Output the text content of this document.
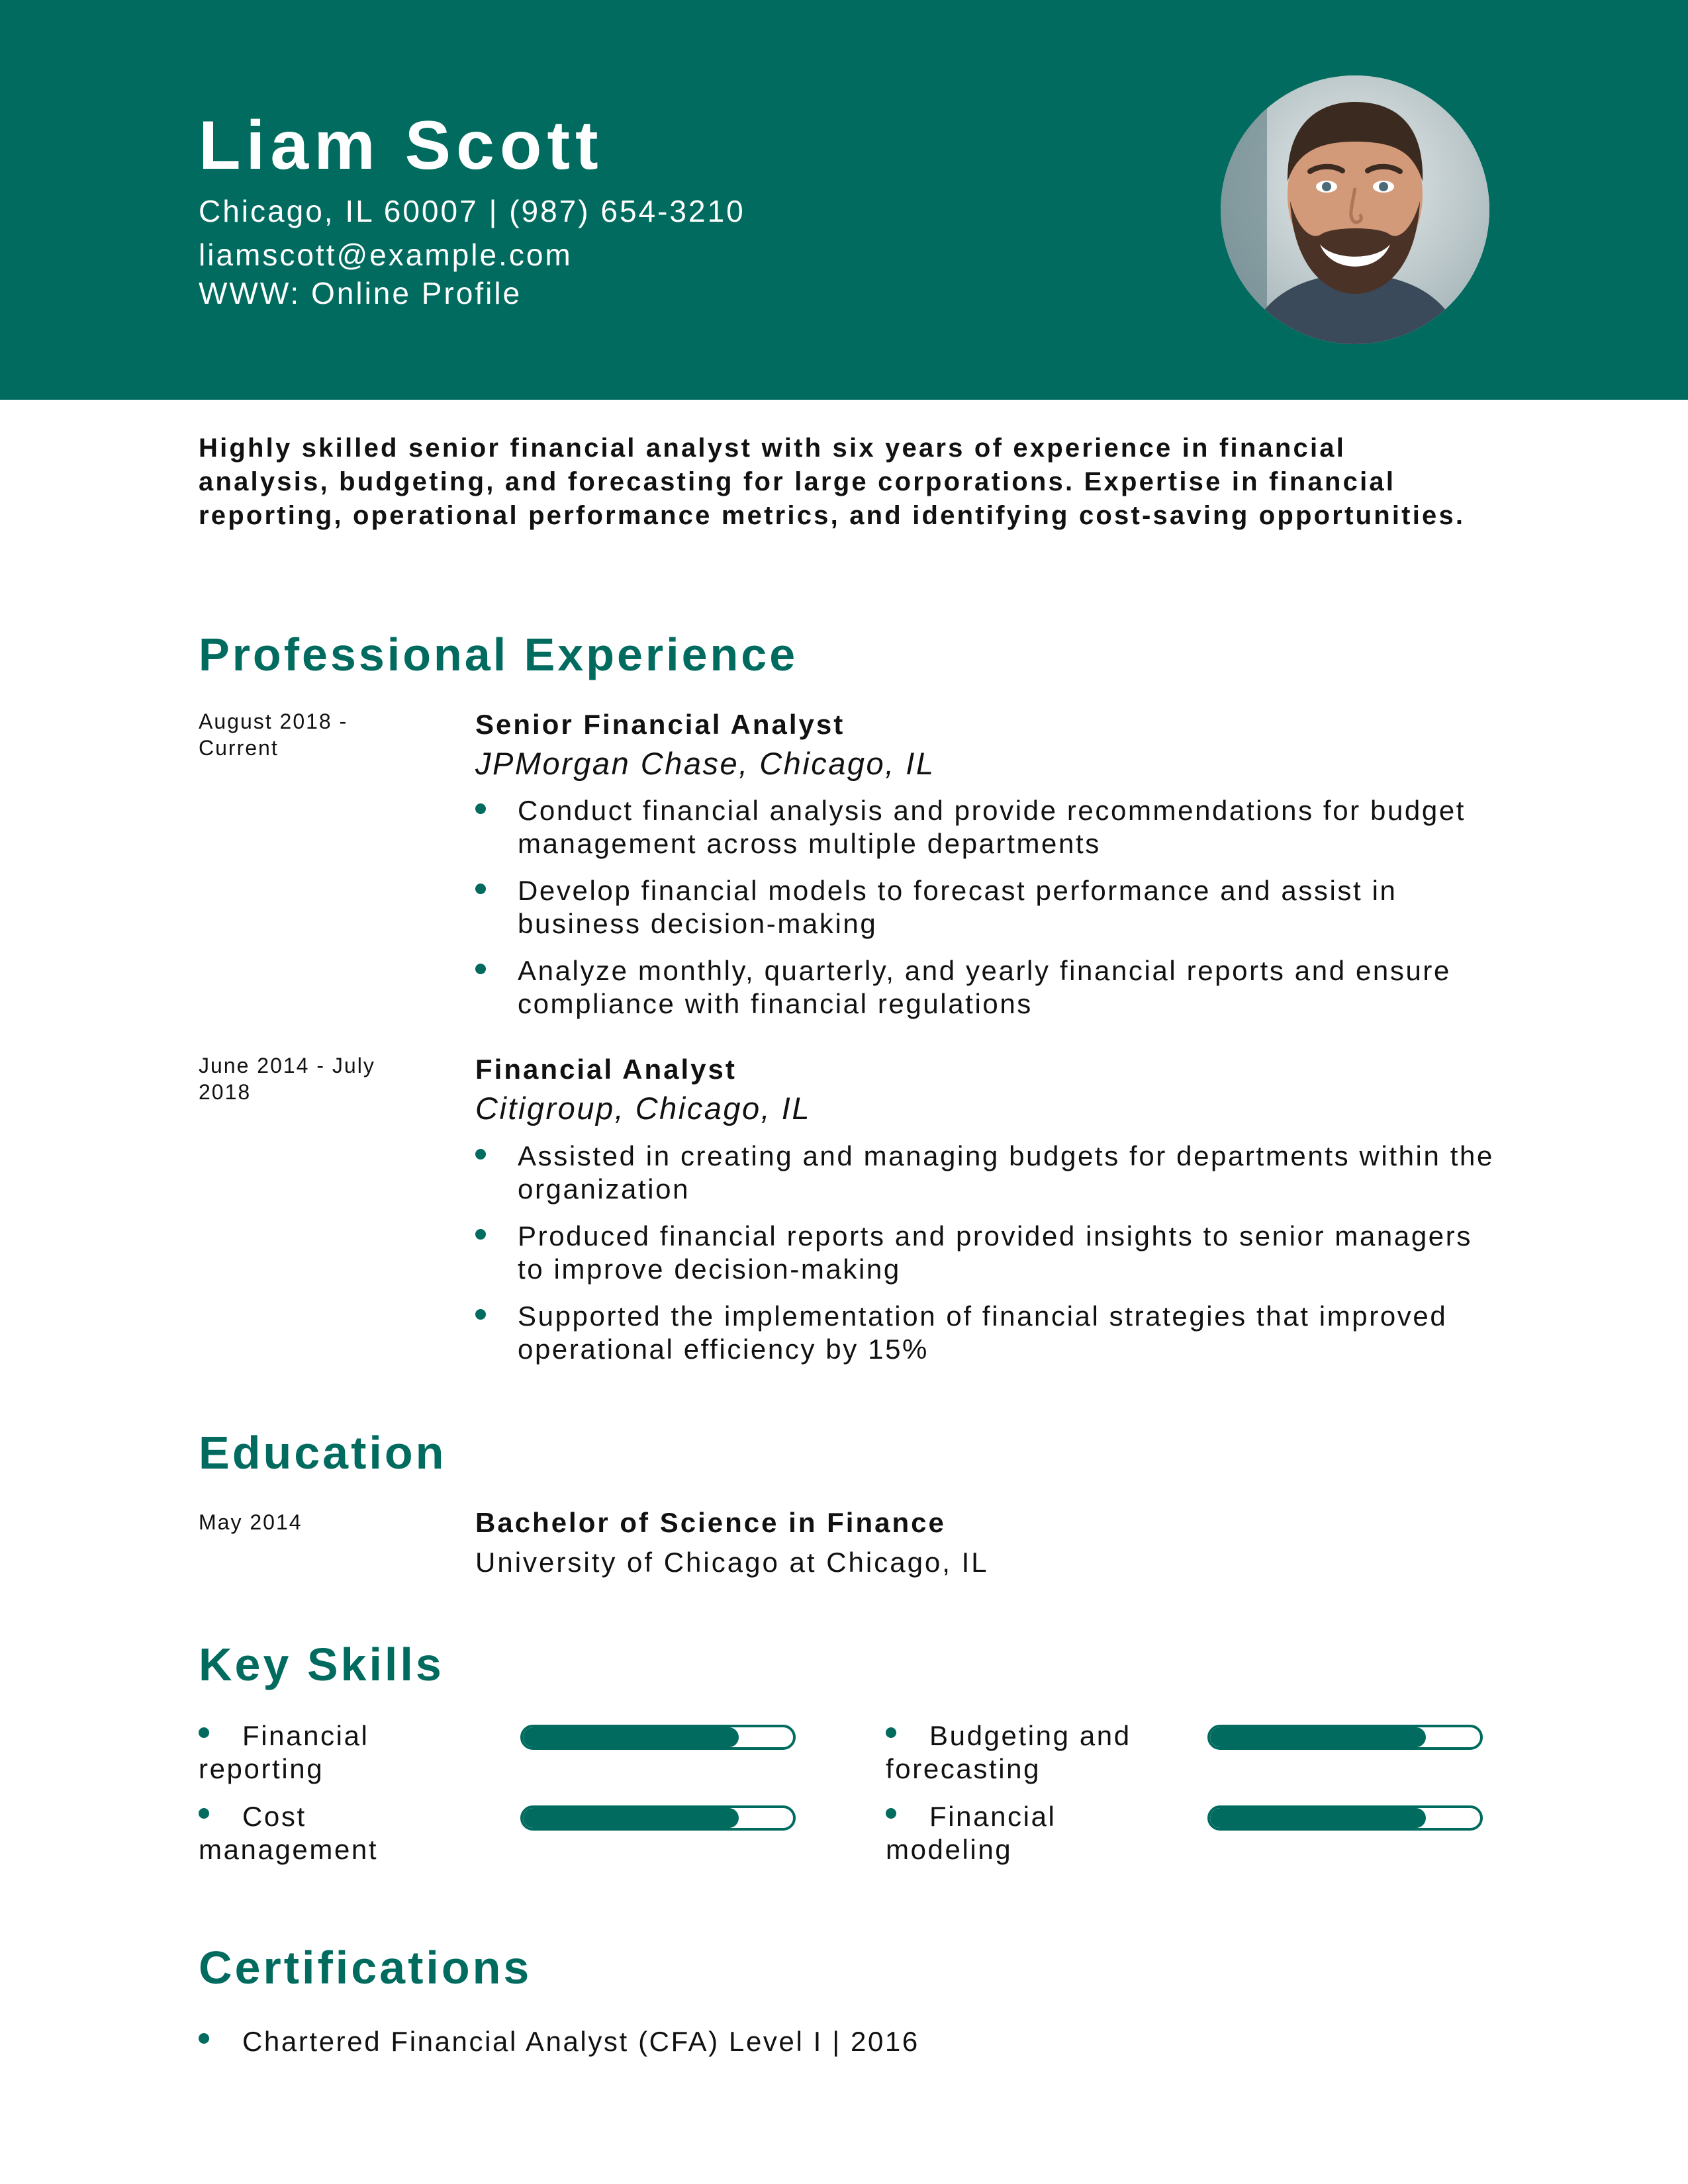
Liam Scott
Chicago, IL 60007 | (987) 654-3210
liamscott@example.com
WWW: Online Profile
Highly skilled senior financial analyst with six years of experience in financial analysis, budgeting, and forecasting for large corporations. Expertise in financial reporting, operational performance metrics, and identifying cost-saving opportunities.
Professional Experience
August 2018 - Current
Senior Financial Analyst
JPMorgan Chase, Chicago, IL
Conduct financial analysis and provide recommendations for budget management across multiple departments
Develop financial models to forecast performance and assist in business decision-making
Analyze monthly, quarterly, and yearly financial reports and ensure compliance with financial regulations
June 2014 - July 2018
Financial Analyst
Citigroup, Chicago, IL
Assisted in creating and managing budgets for departments within the organization
Produced financial reports and provided insights to senior managers to improve decision-making
Supported the implementation of financial strategies that improved operational efficiency by 15%
Education
May 2014	Bachelor of Science in Finance
University of Chicago at Chicago, IL
Key Skills
Financial reporting
Budgeting and forecasting
Cost management
Financial modeling
Certifications
Chartered Financial Analyst (CFA) Level I | 2016
